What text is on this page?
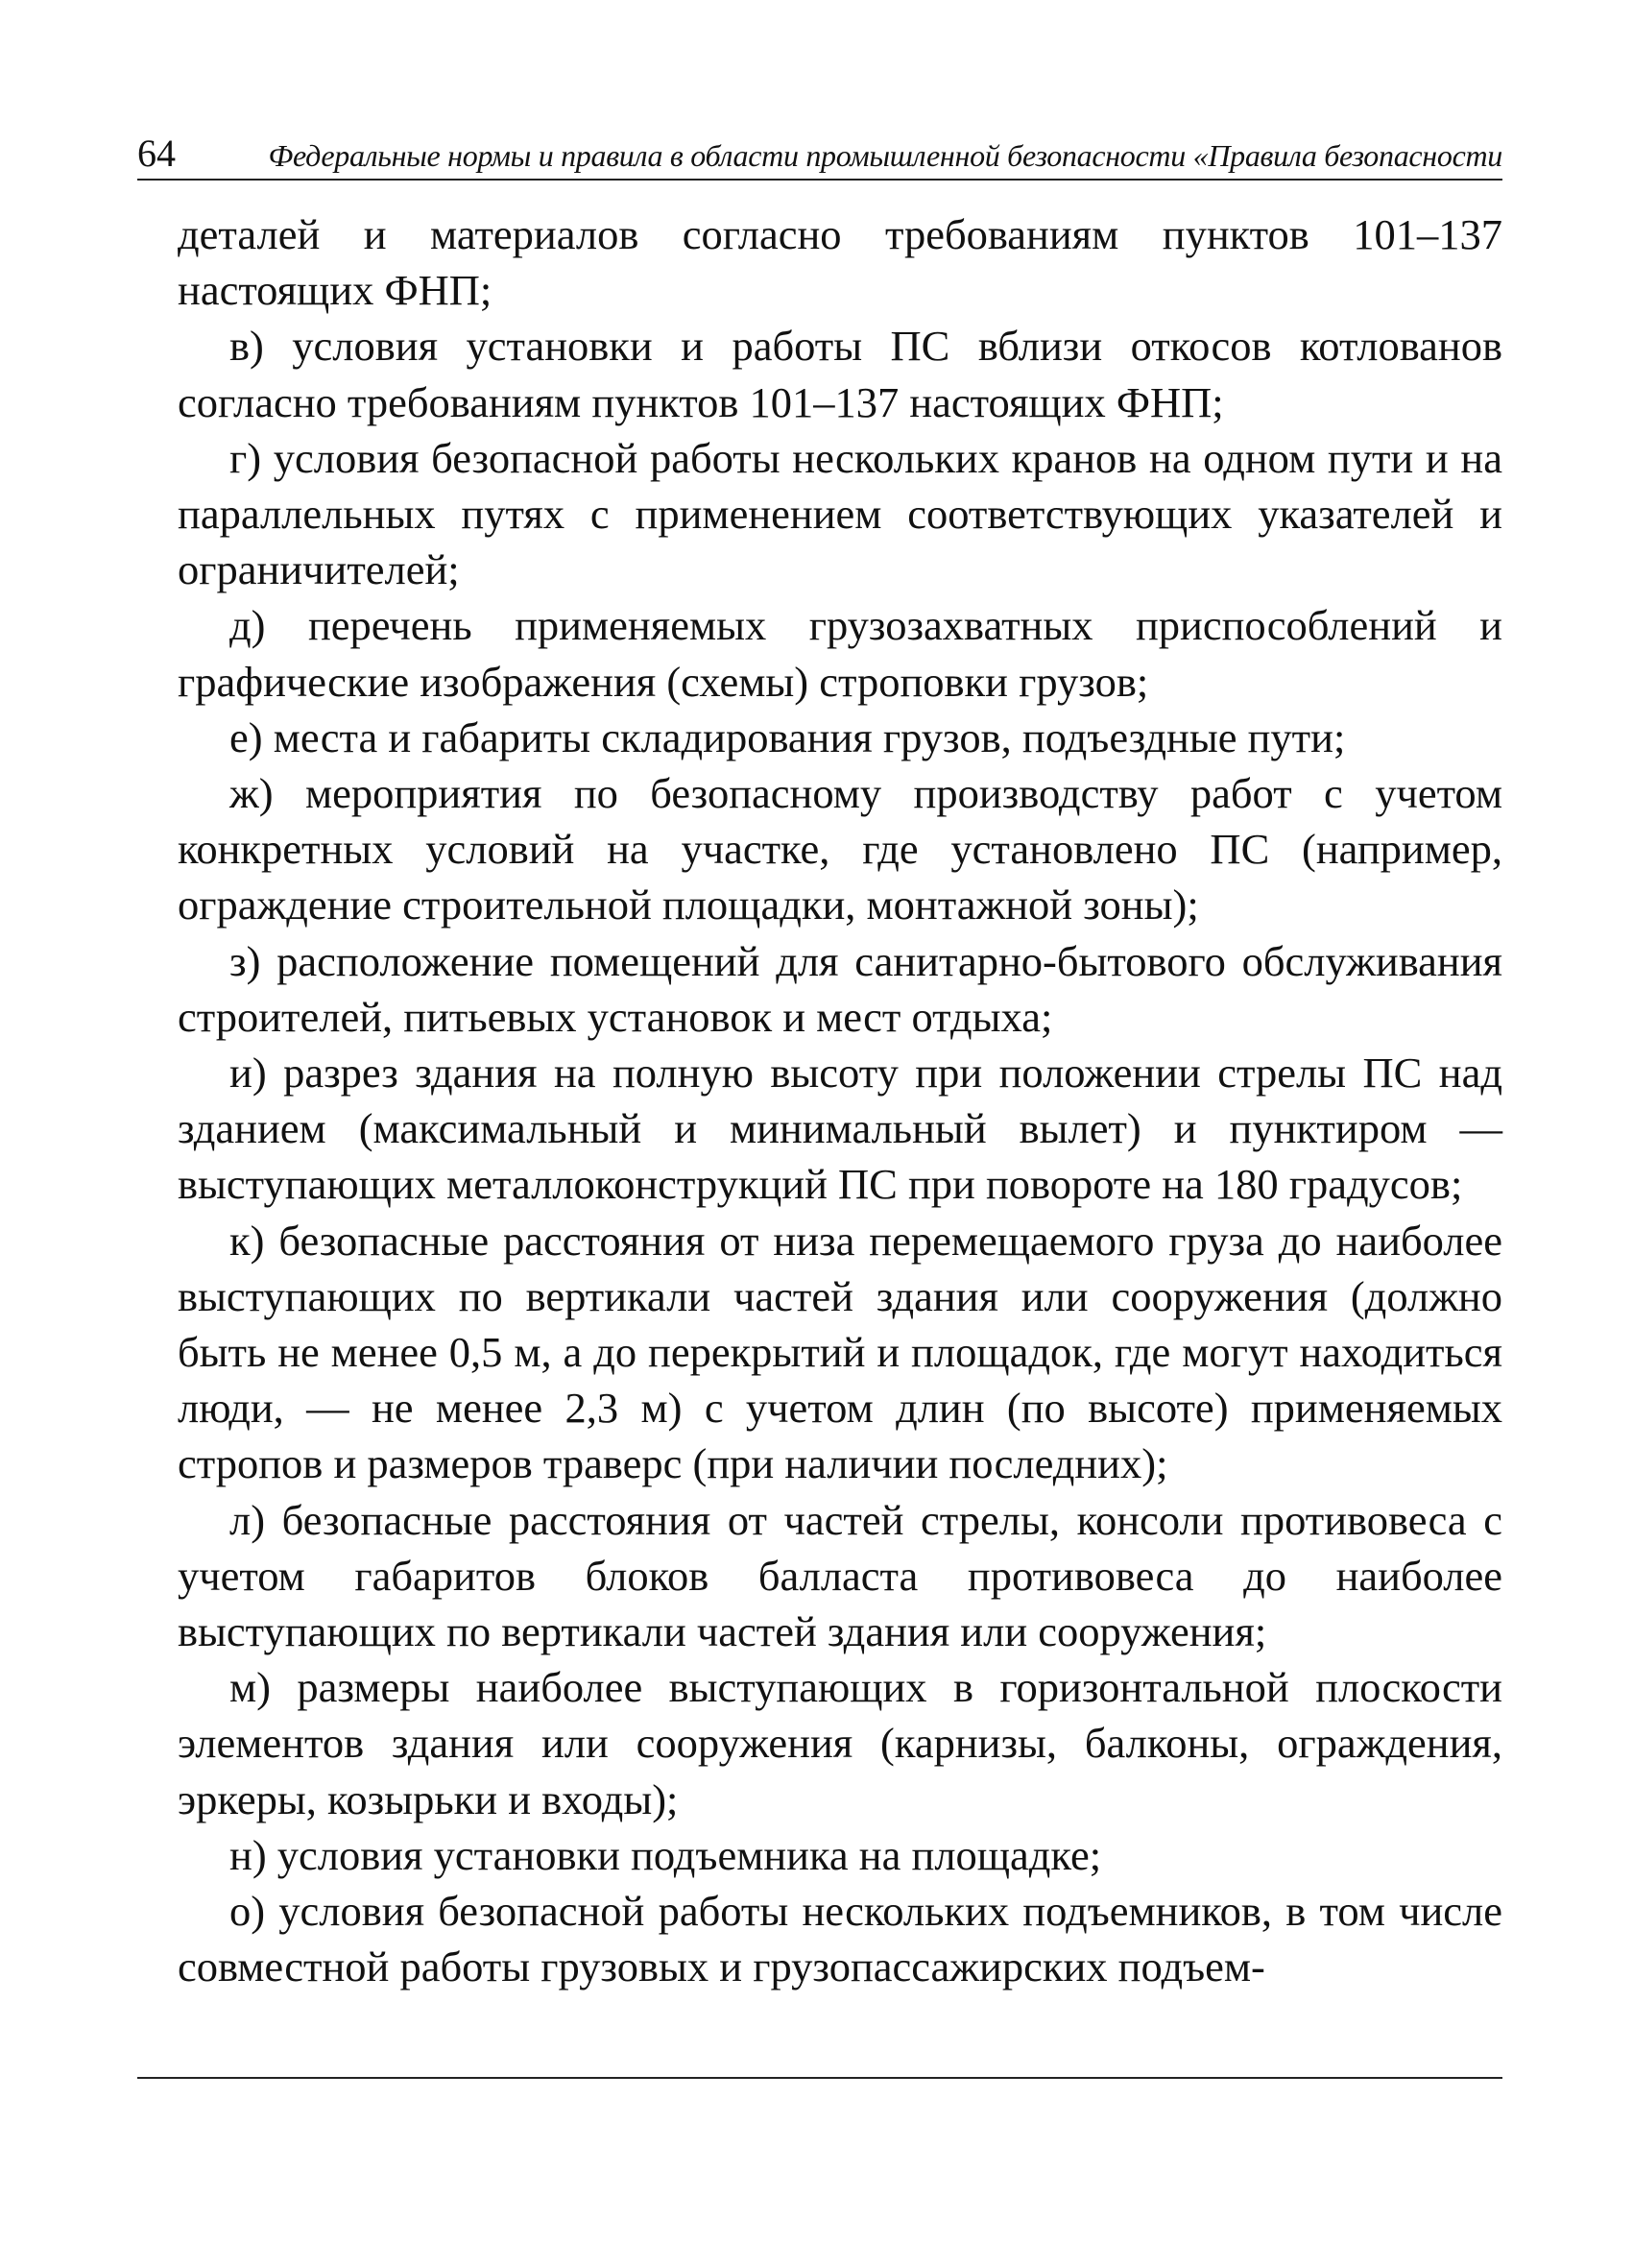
64	Федеральные нормы и правила в области промышленной безопасности «Правила безопасности

деталей и материалов согласно требованиям пунктов 101–137 настоящих ФНП;

в) условия установки и работы ПС вблизи откосов котлованов согласно требованиям пунктов 101–137 настоящих ФНП;

г) условия безопасной работы нескольких кранов на одном пути и на параллельных путях с применением соответствующих указателей и ограничителей;

д) перечень применяемых грузозахватных приспособлений и графические изображения (схемы) строповки грузов;

е) места и габариты складирования грузов, подъездные пути;

ж) мероприятия по безопасному производству работ с учетом конкретных условий на участке, где установлено ПС (например, ограждение строительной площадки, монтажной зоны);

з) расположение помещений для санитарно-бытового обслуживания строителей, питьевых установок и мест отдыха;

и) разрез здания на полную высоту при положении стрелы ПС над зданием (максимальный и минимальный вылет) и пунктиром — выступающих металлоконструкций ПС при повороте на 180 градусов;

к) безопасные расстояния от низа перемещаемого груза до наиболее выступающих по вертикали частей здания или сооружения (должно быть не менее 0,5 м, а до перекрытий и площадок, где могут находиться люди, — не менее 2,3 м) с учетом длин (по высоте) применяемых стропов и размеров траверс (при наличии последних);

л) безопасные расстояния от частей стрелы, консоли противовеса с учетом габаритов блоков балласта противовеса до наиболее выступающих по вертикали частей здания или сооружения;

м) размеры наиболее выступающих в горизонтальной плоскости элементов здания или сооружения (карнизы, балконы, ограждения, эркеры, козырьки и входы);

н) условия установки подъемника на площадке;

о) условия безопасной работы нескольких подъемников, в том числе совместной работы грузовых и грузопассажирских подъем-
